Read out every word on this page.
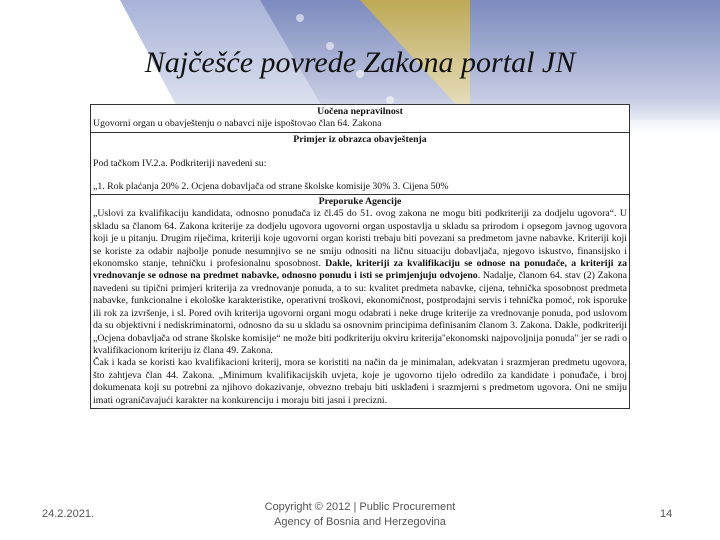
Najčešće povrede Zakona portal JN
Uočena nepravilnost
Ugovorni organ u obavještenju o nabavci nije ispoštovao član 64. Zakona
Primjer iz obrazca obavještenja
Pod tačkom IV.2.a. Podkriteriji navedeni su:
„1. Rok plaćanja 20% 2. Ocjena dobavljača od strane školske komisije 30% 3. Cijena 50%
Preporuke Agencije
„Uslovi za kvalifikaciju kandidata, odnosno ponuđača iz čl.45 do 51. ovog zakona ne mogu biti podkriteriji za dodjelu ugovora“. U skladu sa članom 64. Zakona kriterije za dodjelu ugovora ugovorni organ uspostavlja u skladu sa prirodom i opsegom javnog ugovora koji je u pitanju. Drugim riječima, kriteriji koje ugovorni organ koristi trebaju biti povezani sa predmetom javne nabavke. Kriteriji koji se koriste za odabir najbolje ponude nesumnjivo se ne smiju odnositi na ličnu situaciju dobavljača, njegovo iskustvo, finansijsko i ekonomsko stanje, tehničku i profesionalnu sposobnost. Dakle, kriteriji za kvalifikaciju se odnose na ponuđače, a kriteriji za vrednovanje se odnose na predmet nabavke, odnosno ponudu i isti se primjenjuju odvojeno. Nadalje, članom 64. stav (2) Zakona navedeni su tipični primjeri kriterija za vrednovanje ponuda, a to su: kvalitet predmeta nabavke, cijena, tehnička sposobnost predmeta nabavke, funkcionalne i ekološke karakteristike, operativni troškovi, ekonomičnost, postprodajni servis i tehnička pomoć, rok isporuke ili rok za izvršenje, i sl. Pored ovih kriterija ugovorni organi mogu odabrati i neke druge kriterije za vrednovanje ponuda, pod uslovom da su objektivni i nediskriminatorni, odnosno da su u skladu sa osnovnim principima definisanim članom 3. Zakona. Dakle, podkriteriji „Ocjena dobavljača od strane školske komisije“ ne može biti podkriteriju okviru kriterija"ekonomski najpovoljnija ponuda" jer se radi o kvalifikacionom kriteriju iz člana 49. Zakona.
Čak i kada se koristi kao kvalifikacioni kriterij, mora se koristiti na način da je minimalan, adekvatan i srazmjeran predmetu ugovora, što zahtjeva član 44. Zakona. „Minimum kvalifikacijskih uvjeta, koje je ugovorno tijelo odredilo za kandidate i ponuđače, i broj dokumenata koji su potrebni za njihovo dokazivanje, obvezno trebaju biti usklađeni i srazmjerni s predmetom ugovora. Oni ne smiju imati ograničavajući karakter na konkurenciju i moraju biti jasni i precizni.
24.2.2021.
Copyright © 2012 | Public Procurement
Agency of Bosnia and Herzegovina
14
